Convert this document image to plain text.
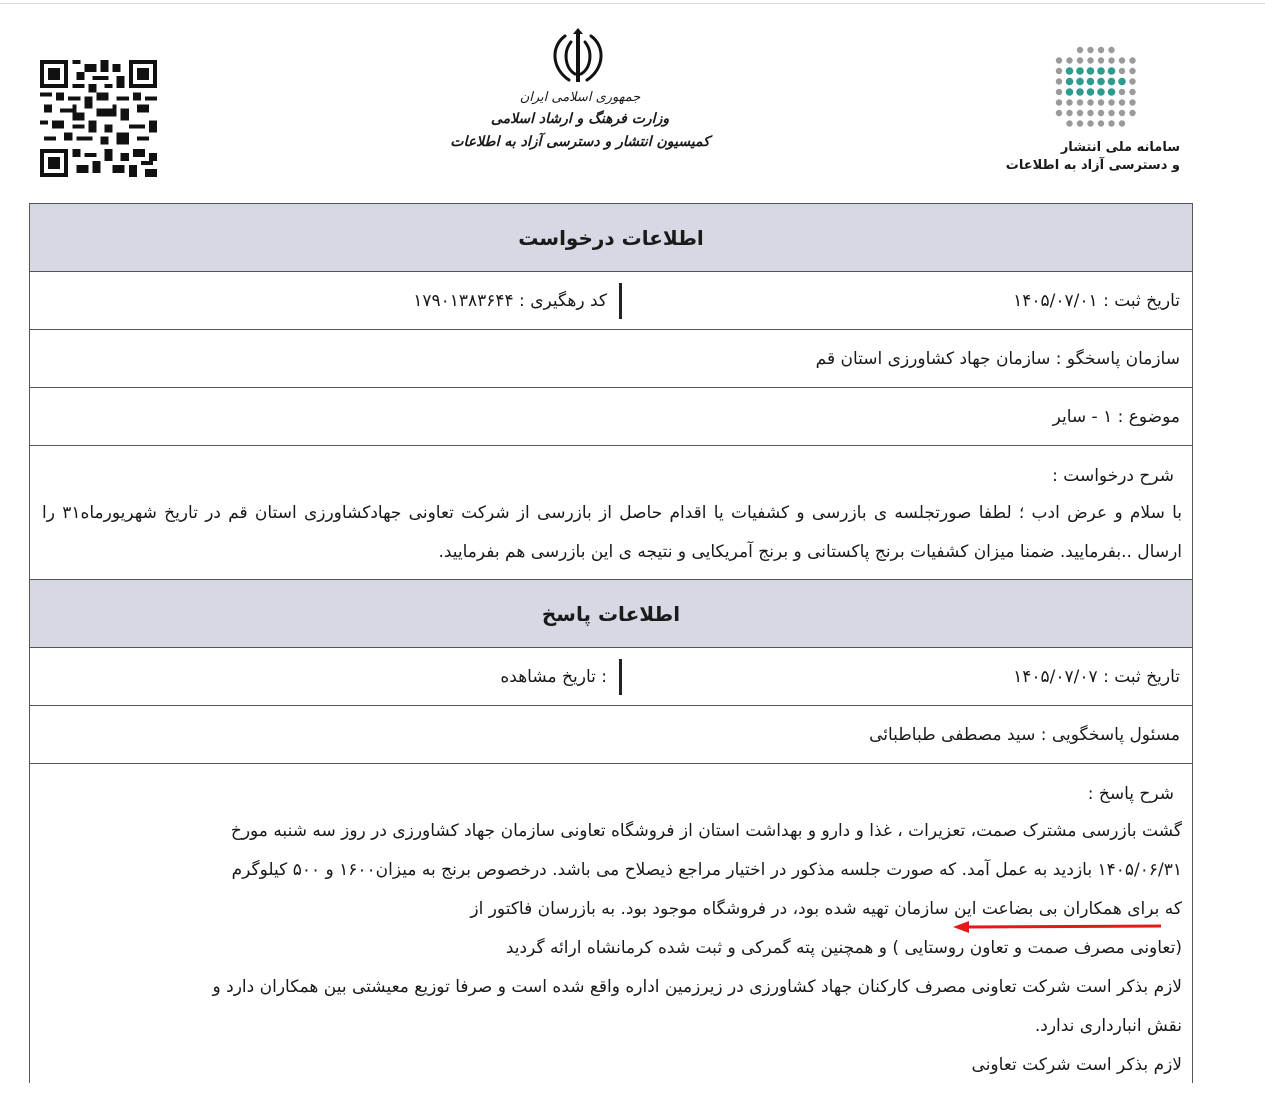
جمهوری اسلامی ایران
وزارت فرهنگ و ارشاد اسلامی
کمیسیون انتشار و دسترسی آزاد به اطلاعات	سامانه ملی انتشار
و دسترسی آزاد به اطلاعات
اطلاعات درخواست
تاریخ ثبت : ۱۴۰۵/۰۷/۰۱
کد رهگیری : ۱۷۹۰۱۳۸۳۶۴۴
سازمان پاسخگو : سازمان جهاد کشاورزی استان قم
موضوع : ۱ - سایر
شرح درخواست :
با سلام و عرض ادب ؛ لطفا صورتجلسه ی بازرسی و کشفیات یا اقدام حاصل از بازرسی از شرکت تعاونی جهادکشاورزی استان قم در تاریخ شهریورماه۳۱ را ارسال ..بفرمایید. ضمنا میزان کشفیات برنج پاکستانی و برنج آمریکایی و نتیجه ی این بازرسی هم بفرمایید.
اطلاعات پاسخ
تاریخ ثبت : ۱۴۰۵/۰۷/۰۷
: تاریخ مشاهده
مسئول پاسخگویی : سید مصطفی طباطبائی
شرح پاسخ :
گشت بازرسی مشترک صمت، تعزیرات ، غذا و دارو و بهداشت استان از فروشگاه تعاونی سازمان جهاد کشاورزی در روز سه شنبه مورخ
۱۴۰۵/۰۶/۳۱ بازدید به عمل آمد. که صورت جلسه مذکور در اختیار مراجع ذیصلاح می باشد. درخصوص برنج به میزان۱۶۰۰ و ۵۰۰ کیلوگرم
که برای همکاران بی بضاعت این سازمان تهیه شده بود، در فروشگاه موجود بود. به بازرسان فاکتور از
(تعاونی مصرف صمت و تعاون روستایی ) و همچنین پته گمرکی و ثبت شده کرمانشاه ارائه گردید
لازم بذکر است شرکت تعاونی مصرف کارکنان جهاد کشاورزی در زیرزمین اداره واقع شده است و صرفا توزیع معیشتی بین همکاران دارد و
نقش انبارداری ندارد.
لازم بذکر است شرکت تعاونی
